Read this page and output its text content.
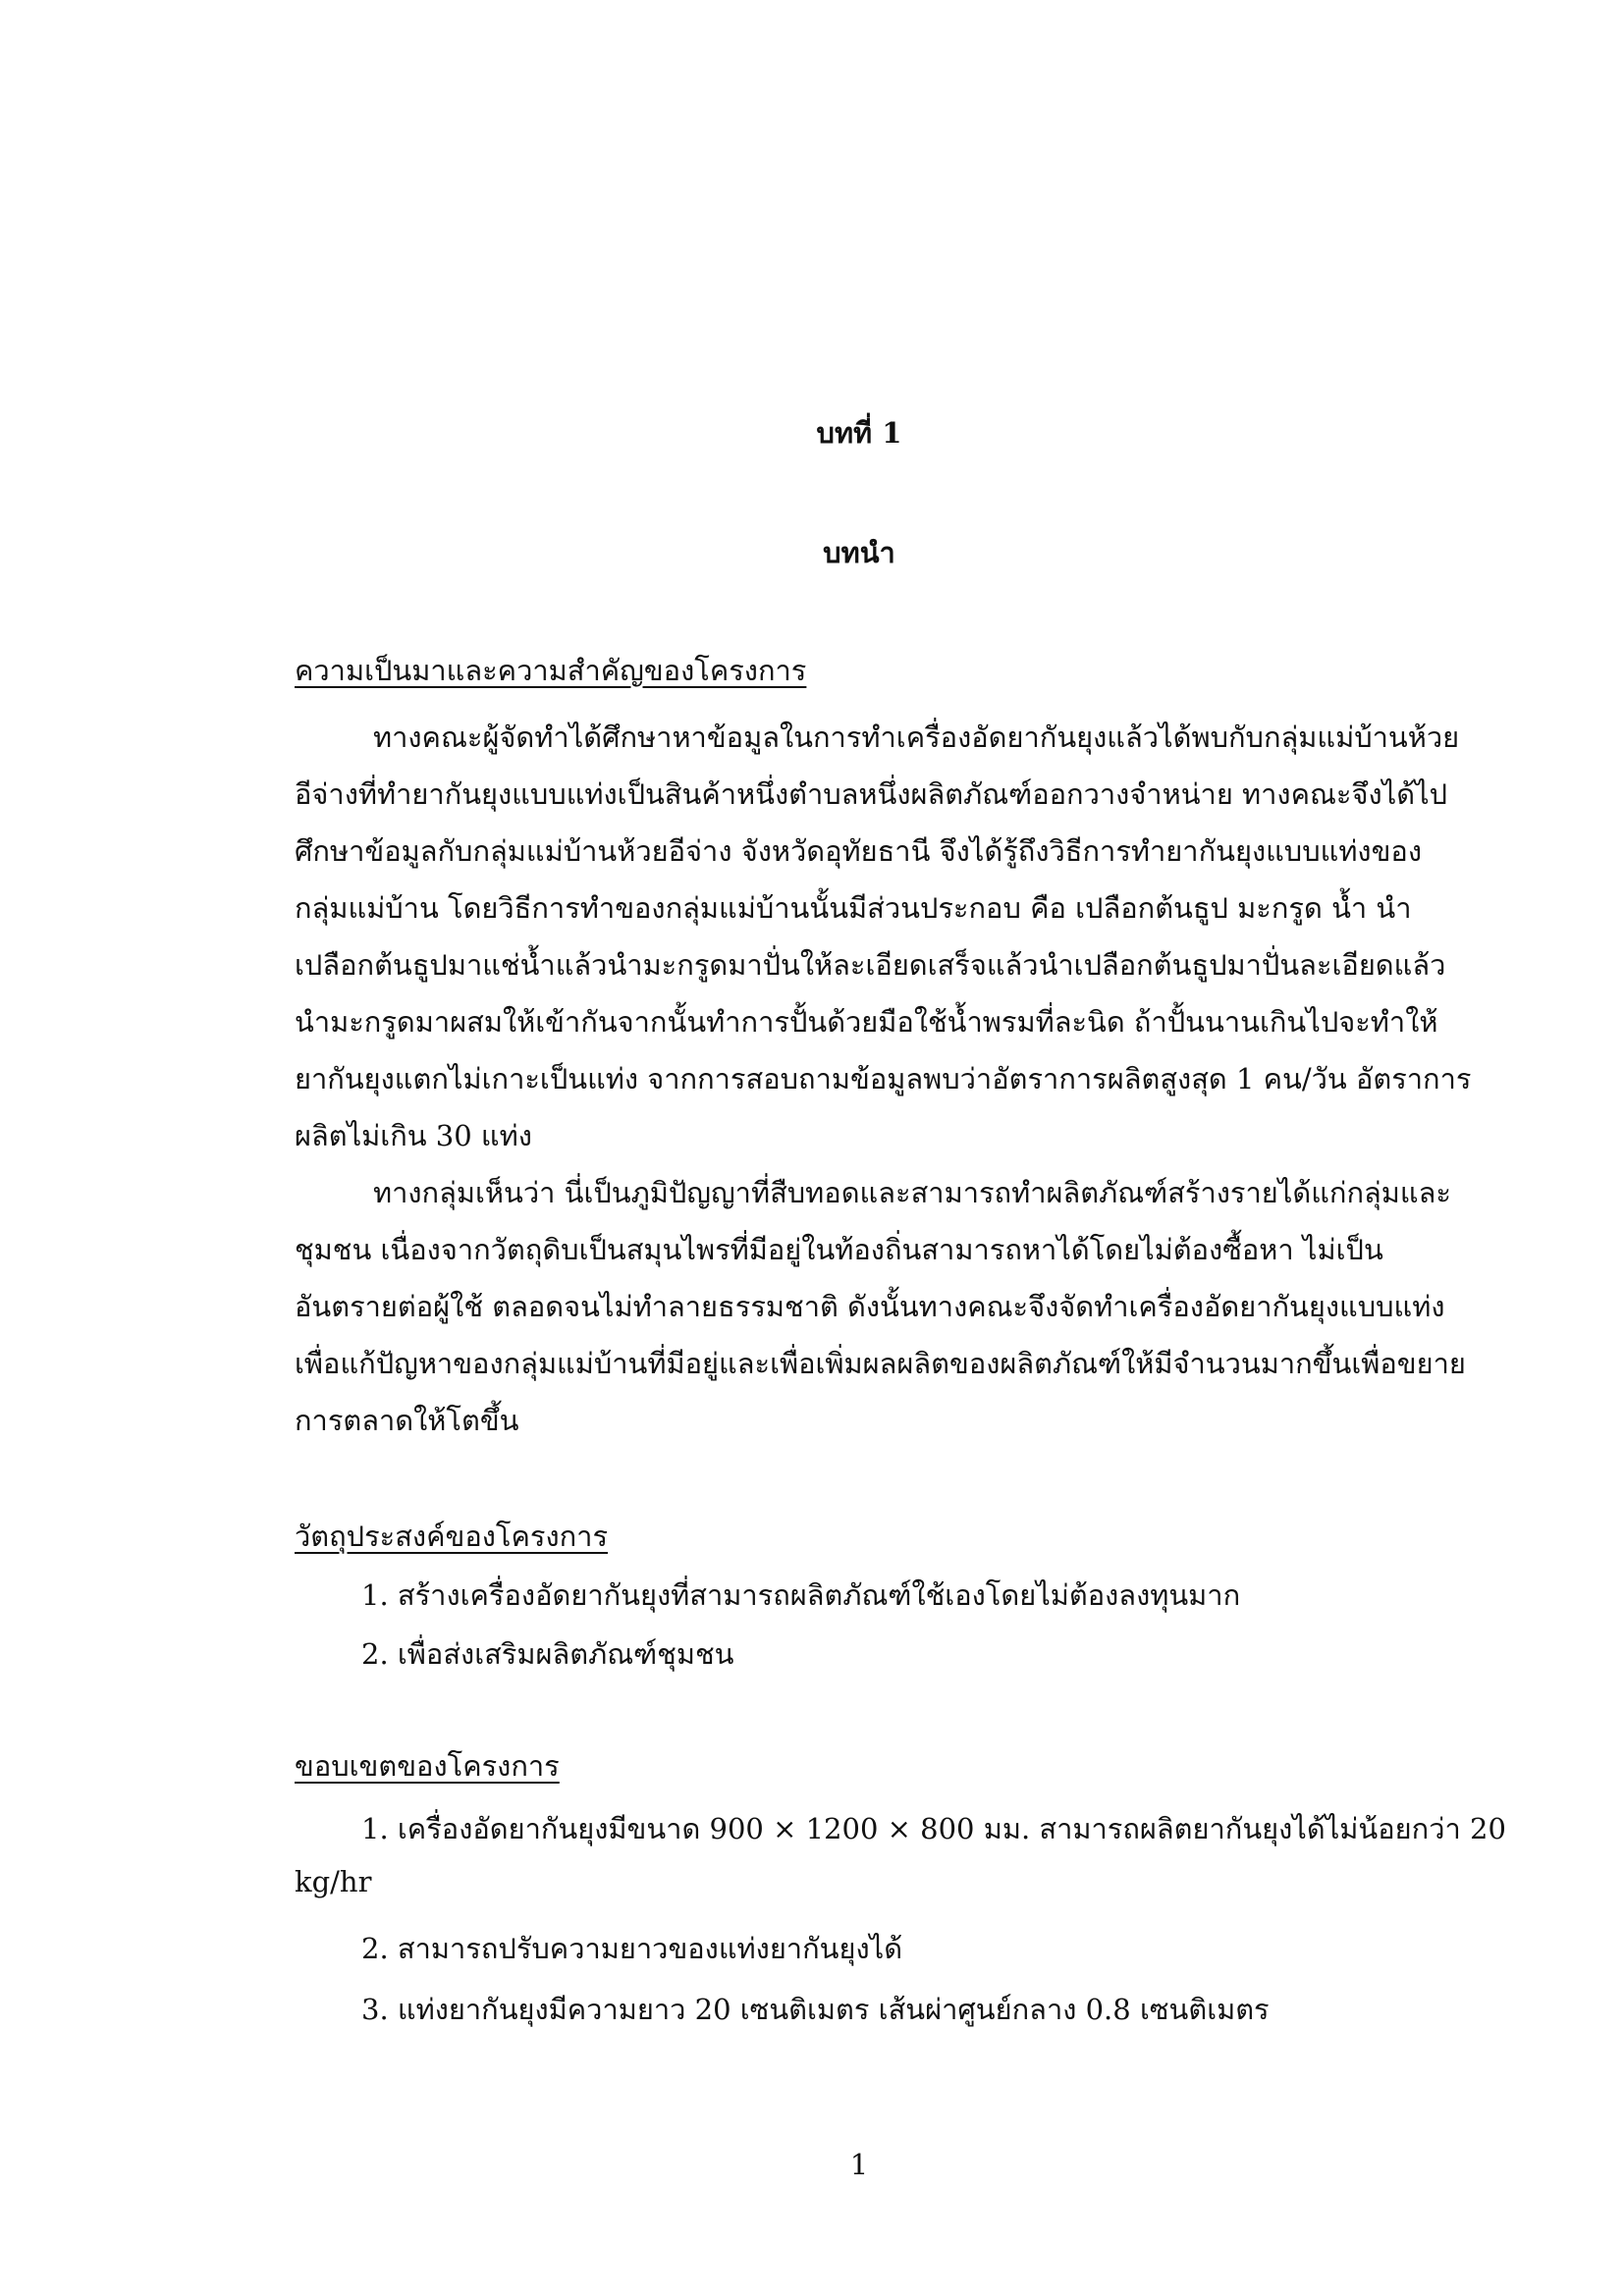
บทที่ 1
บทนำ
ความเป็นมาและความสำคัญของโครงการ
ทางคณะผู้จัดทำได้ศึกษาหาข้อมูลในการทำเครื่องอัดยากันยุงแล้วได้พบกับกลุ่มแม่บ้านห้วย
อีจ่างที่ทำยากันยุงแบบแท่งเป็นสินค้าหนึ่งตำบลหนึ่งผลิตภัณฑ์ออกวางจำหน่าย ทางคณะจึงได้ไป
ศึกษาข้อมูลกับกลุ่มแม่บ้านห้วยอีจ่าง จังหวัดอุทัยธานี จึงได้รู้ถึงวิธีการทำยากันยุงแบบแท่งของ
กลุ่มแม่บ้าน โดยวิธีการทำของกลุ่มแม่บ้านนั้นมีส่วนประกอบ คือ เปลือกต้นธูป มะกรูด น้ำ นำ
เปลือกต้นธูปมาแช่น้ำแล้วนำมะกรูดมาปั่นให้ละเอียดเสร็จแล้วนำเปลือกต้นธูปมาปั่นละเอียดแล้ว
นำมะกรูดมาผสมให้เข้ากันจากนั้นทำการปั้นด้วยมือใช้น้ำพรมที่ละนิด ถ้าปั้นนานเกินไปจะทำให้
ยากันยุงแตกไม่เกาะเป็นแท่ง จากการสอบถามข้อมูลพบว่าอัตราการผลิตสูงสุด 1 คน/วัน อัตราการ
ผลิตไม่เกิน 30 แท่ง
ทางกลุ่มเห็นว่า นี่เป็นภูมิปัญญาที่สืบทอดและสามารถทำผลิตภัณฑ์สร้างรายได้แก่กลุ่มและ
ชุมชน เนื่องจากวัตถุดิบเป็นสมุนไพรที่มีอยู่ในท้องถิ่นสามารถหาได้โดยไม่ต้องซื้อหา ไม่เป็น
อันตรายต่อผู้ใช้ ตลอดจนไม่ทำลายธรรมชาติ ดังนั้นทางคณะจึงจัดทำเครื่องอัดยากันยุงแบบแท่ง
เพื่อแก้ปัญหาของกลุ่มแม่บ้านที่มีอยู่และเพื่อเพิ่มผลผลิตของผลิตภัณฑ์ให้มีจำนวนมากขึ้นเพื่อขยาย
การตลาดให้โตขึ้น
วัตถุประสงค์ของโครงการ
1. สร้างเครื่องอัดยากันยุงที่สามารถผลิตภัณฑ์ใช้เองโดยไม่ต้องลงทุนมาก
2. เพื่อส่งเสริมผลิตภัณฑ์ชุมชน
ขอบเขตของโครงการ
1. เครื่องอัดยากันยุงมีขนาด 900 × 1200 × 800 มม. สามารถผลิตยากันยุงได้ไม่น้อยกว่า 20
kg/hr
2. สามารถปรับความยาวของแท่งยากันยุงได้
3. แท่งยากันยุงมีความยาว 20 เซนติเมตร เส้นผ่าศูนย์กลาง 0.8 เซนติเมตร
1
